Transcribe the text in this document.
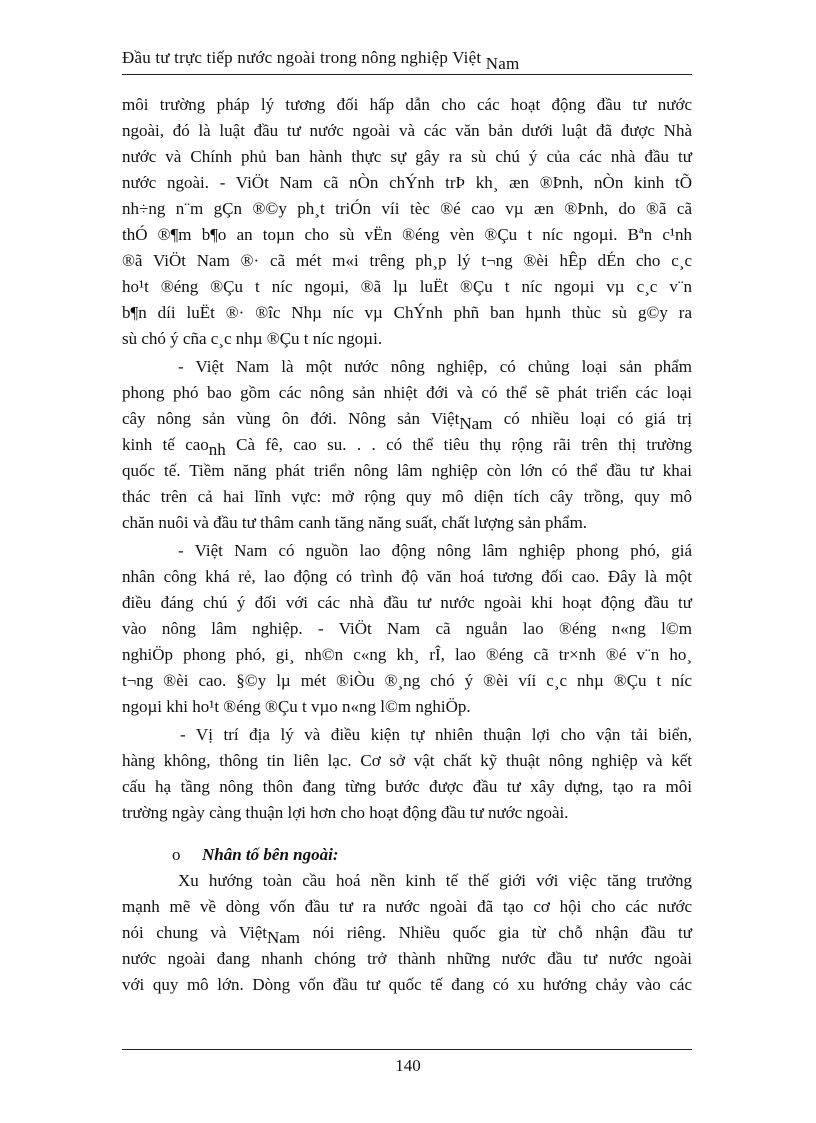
Đầu tư trực tiếp nước ngoài trong nông nghiệp Việt Nam
môi trường pháp lý tương đối hấp dẫn cho các hoạt động đầu tư nước
ngoài, đó là luật đầu tư nước ngoài và các văn bản dưới luật đã được Nhà
nước và Chính phủ ban hành thực sự gây ra sù chú ý của các nhà đầu tư
nước ngoài. - ViÖt Nam cã nÒn chÝnh trÞ kh¸ æn ®Þnh, nÒn kinh tÕ
nh÷ng n¨m gÇn ®©y ph¸t triÓn víi tèc ®é cao vµ æn ®Þnh, do ®ã cã
thÓ ®¶m b¶o an toµn cho sù vËn ®éng vèn ®Çu t níc ngoµi. Bªn c¹nh
®ã ViÖt Nam ®· cã mét m«i trêng ph¸p lý t¬ng ®èi hÊp dÉn cho c¸c
ho¹t ®éng ®Çu t níc ngoµi, ®ã lµ luËt ®Çu t níc ngoµi vµ c¸c v¨n
b¶n díi luËt ®· ®îc Nhµ níc vµ ChÝnh phñ ban hµnh thùc sù g©y ra
sù chó ý cña c¸c nhµ ®Çu t níc ngoµi.
- Việt Nam là một nước nông nghiệp, có chủng loại sản phẩm
phong phó bao gồm các nông sản nhiệt đới và có thể sẽ phát triển các loại
cây nông sản vùng ôn đới. Nông sản ViệtNam có nhiều loại có giá trị
kinh tế caonh Cà fê, cao su. . . có thể tiêu thụ rộng rãi trên thị trường
quốc tế. Tiềm năng phát triển nông lâm nghiệp còn lớn có thể đầu tư khai
thác trên cả hai lĩnh vực: mở rộng quy mô diện tích cây trồng, quy mô
chăn nuôi và đầu tư thâm canh tăng năng suất, chất lượng sản phẩm.
- Việt Nam có nguồn lao động nông lâm nghiệp phong phó, giá
nhân công khá rẻ, lao động có trình độ văn hoá tương đối cao. Đây là một
điều đáng chú ý đối với các nhà đầu tư nước ngoài khi hoạt động đầu tư
vào nông lâm nghiệp. - ViÖt Nam cã nguån lao ®éng n«ng l©m
nghiÖp phong phó, gi¸ nh©n c«ng kh¸ rÎ, lao ®éng cã tr×nh ®é v¨n ho¸
t¬ng ®èi cao. §©y lµ mét ®iÒu ®¸ng chó ý ®èi víi c¸c nhµ ®Çu t níc
ngoµi khi ho¹t ®éng ®Çu t vµo n«ng l©m nghiÖp.
- Vị trí địa lý và điều kiện tự nhiên thuận lợi cho vận tải biển,
hàng không, thông tin liên lạc. Cơ sở vật chất kỹ thuật nông nghiệp và kết
cấu hạ tầng nông thôn đang từng bước được đầu tư xây dựng, tạo ra môi
trường ngày càng thuận lợi hơn cho hoạt động đầu tư nước ngoài.
o Nhân tố bên ngoài:
Xu hướng toàn cầu hoá nền kinh tế thế giới với việc tăng trưởng
mạnh mẽ về dòng vốn đầu tư ra nước ngoài đã tạo cơ hội cho các nước
nói chung và ViệtNam nói riêng. Nhiều quốc gia từ chỗ nhận đầu tư
nước ngoài đang nhanh chóng trở thành những nước đầu tư nước ngoài
với quy mô lớn. Dòng vốn đầu tư quốc tế đang có xu hướng chảy vào các
140
